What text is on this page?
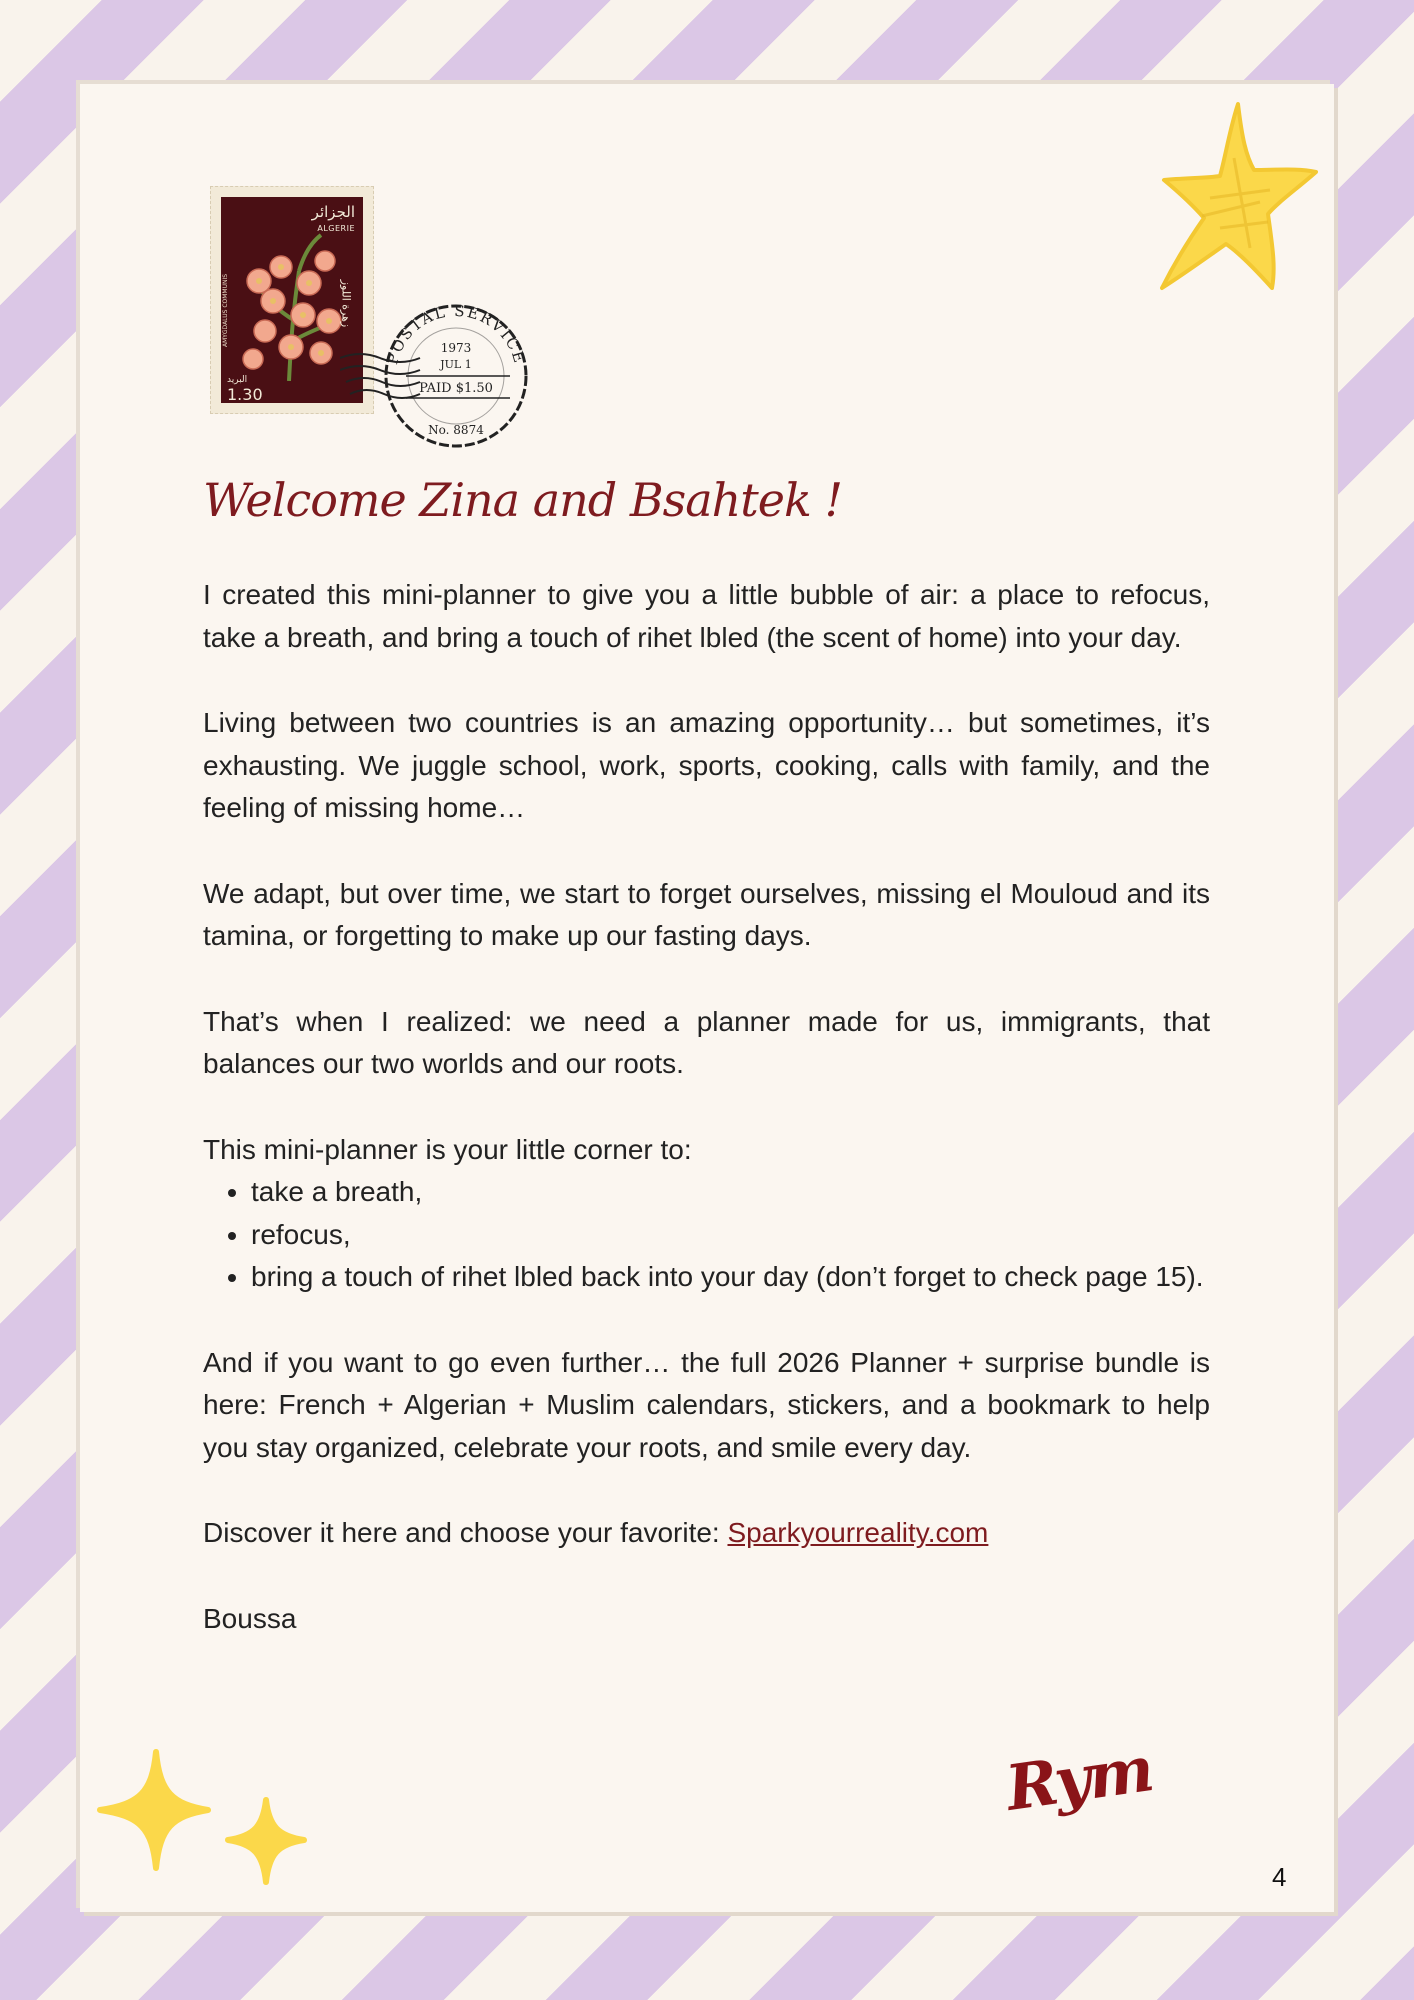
الجزائر
ALGERIE
زهرة اللوز
AMYGDALUS COMMUNIS
البريد
1.30
POSTAL SERVICE
1973
JUL 1
PAID $1.50
No. 8874
Welcome Zina and Bsahtek !

I created this mini-planner to give you a little bubble of air: a place to refocus, take a breath, and bring a touch of rihet lbled (the scent of home) into your day.

Living between two countries is an amazing opportunity… but sometimes, it’s exhausting. We juggle school, work, sports, cooking, calls with family, and the feeling of missing home…

We adapt, but over time, we start to forget ourselves, missing el Mouloud and its tamina, or forgetting to make up our fasting days.

That’s when I realized: we need a planner made for us, immigrants, that balances our two worlds and our roots.

This mini-planner is your little corner to:

• take a breath,
• refocus,
• bring a touch of rihet lbled back into your day (don’t forget to check page 15).

And if you want to go even further… the full 2026 Planner + surprise bundle is here: French + Algerian + Muslim calendars, stickers, and a bookmark to help you stay organized, celebrate your roots, and smile every day.

Discover it here and choose your favorite: Sparkyourreality.com

Boussa

Rym
4
